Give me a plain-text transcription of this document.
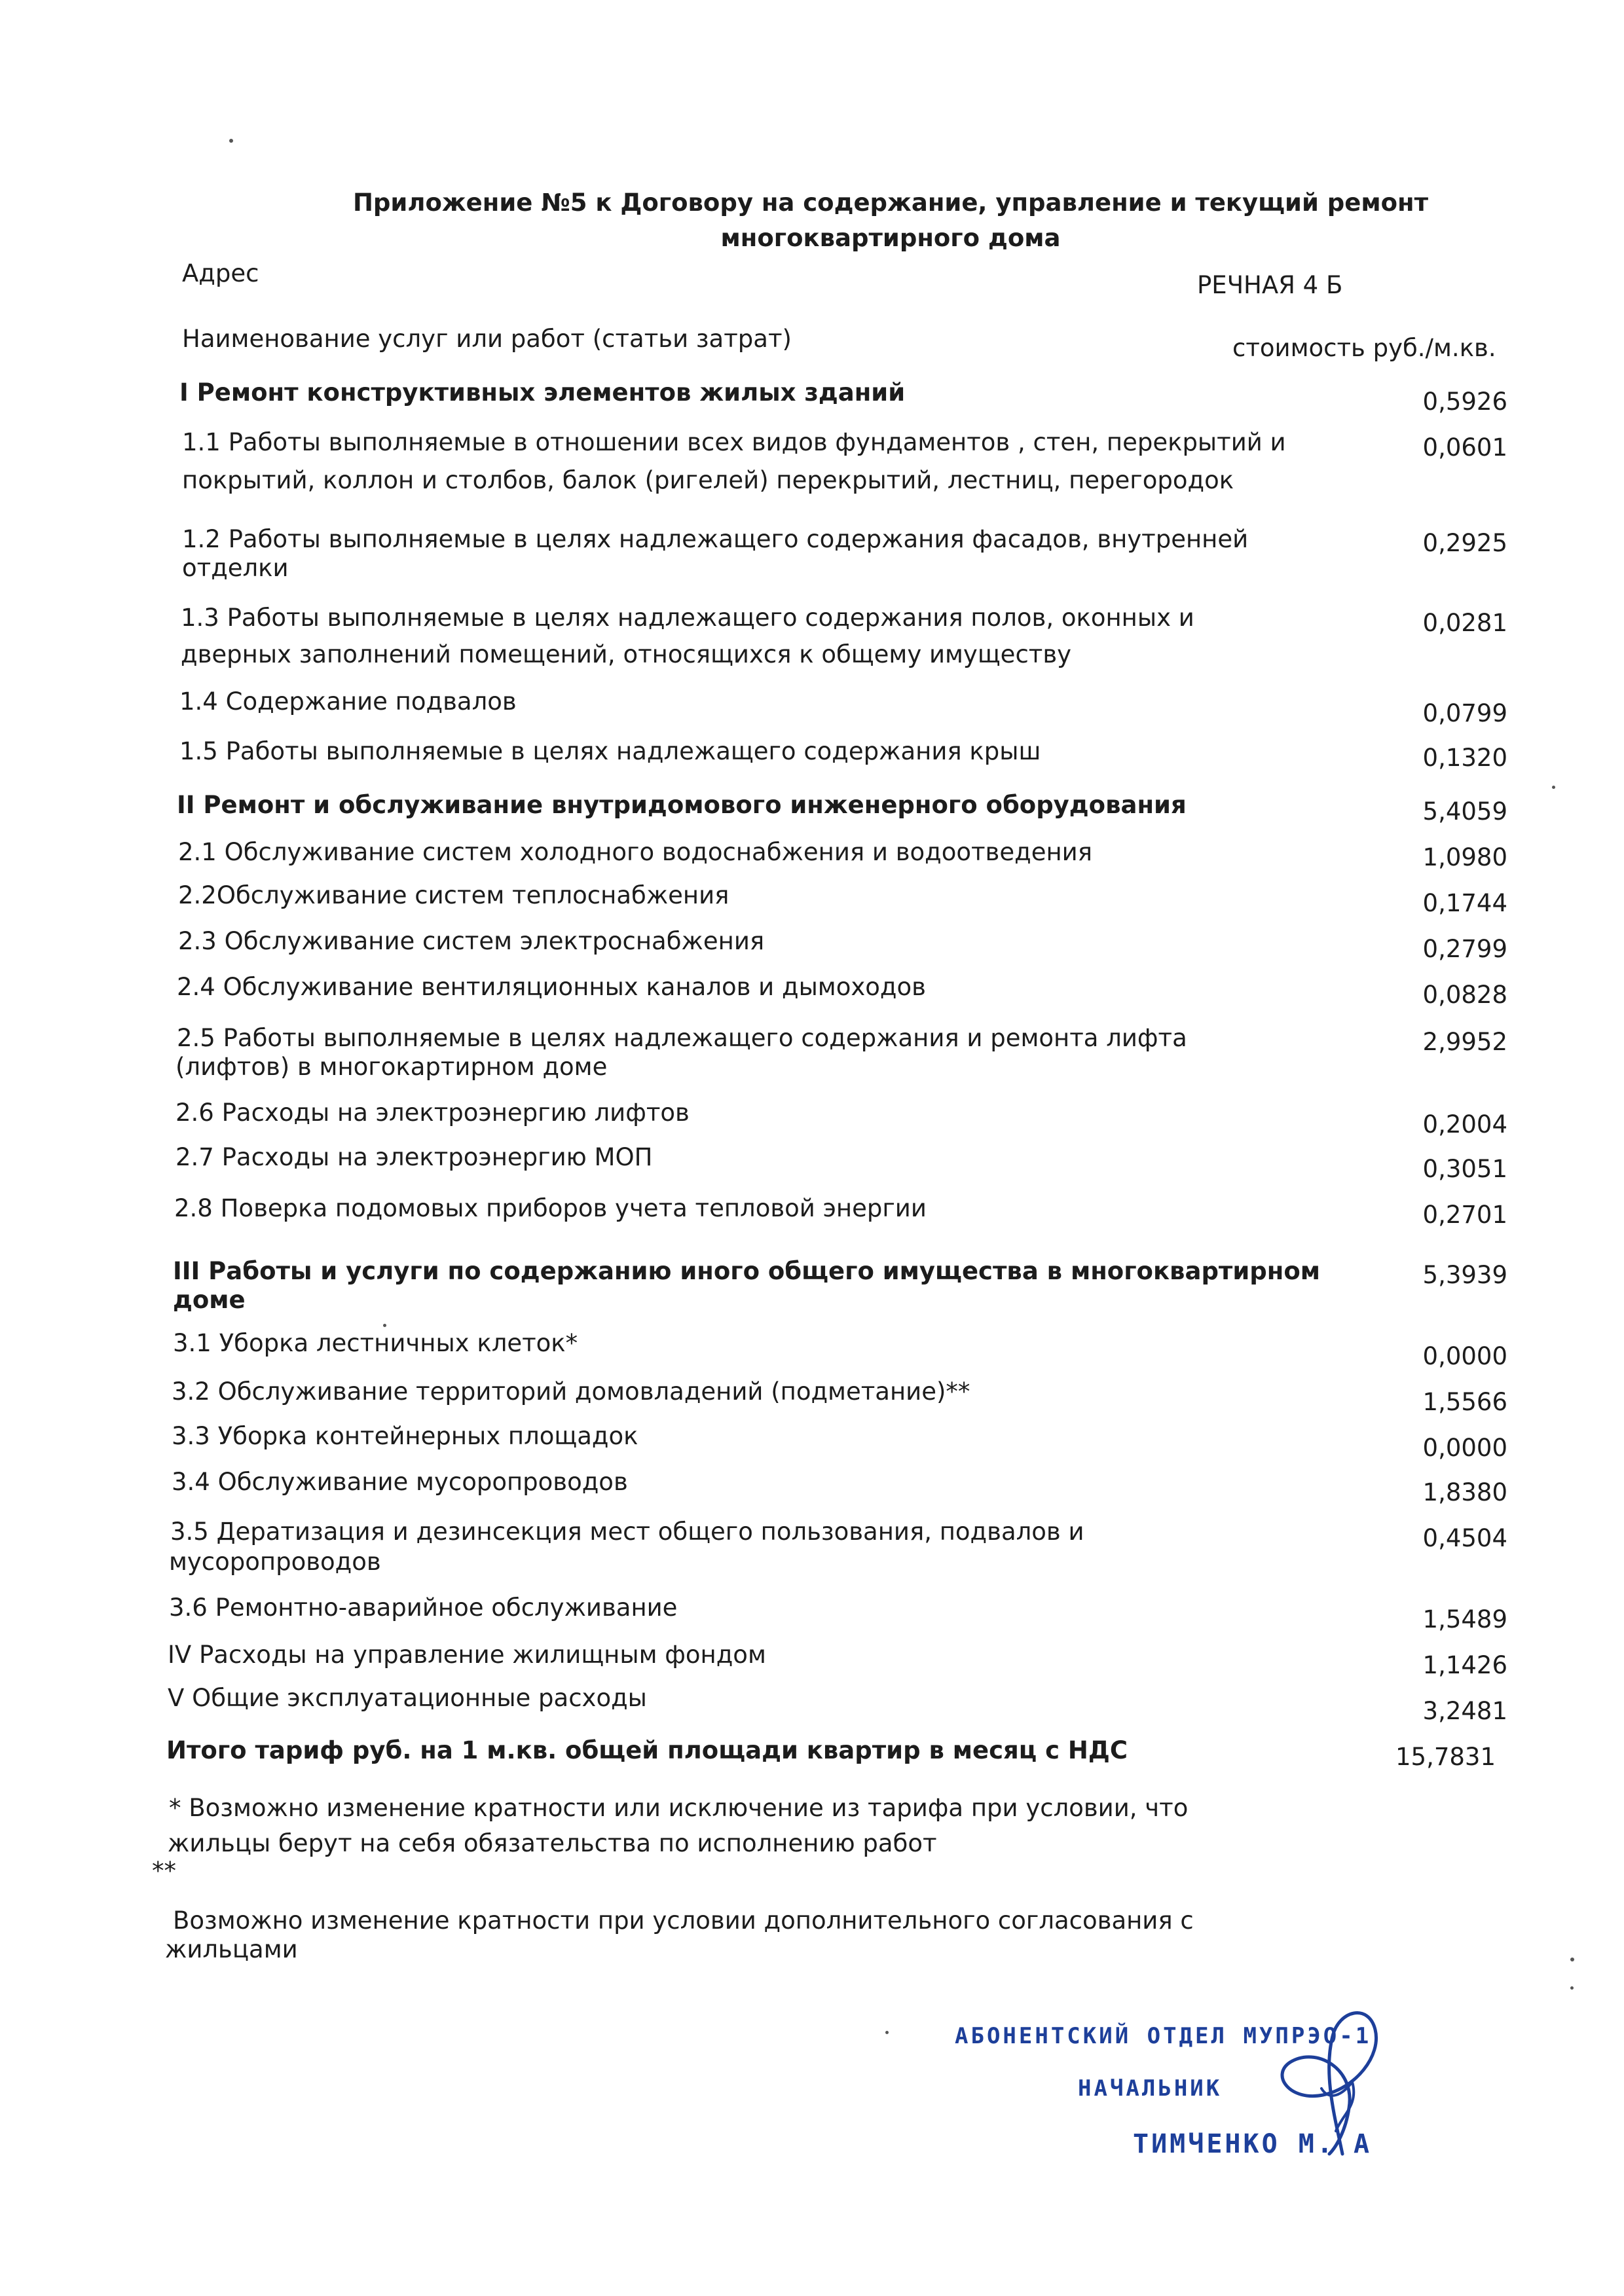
Приложение №5 к Договору на содержание, управление и текущий ремонт
многоквартирного дома
Адрес	РЕЧНАЯ 4 Б
Наименование услуг или работ (статьи затрат)	стоимость руб./м.кв.
I Ремонт конструктивных элементов жилых зданий	0,5926
1.1 Работы выполняемые в отношении всех видов фундаментов , стен, перекрытий и
покрытий, коллон и столбов, балок (ригелей) перекрытий, лестниц, перегородок
0,0601
1.2 Работы выполняемые в целях надлежащего содержания фасадов, внутренней
отделки
0,2925
1.3 Работы выполняемые в целях надлежащего содержания полов, оконных и
дверных заполнений помещений, относящихся к общему имуществу
0,0281
1.4 Содержание подвалов	0,0799
1.5 Работы выполняемые в целях надлежащего содержания крыш	0,1320
II Ремонт и обслуживание внутридомового инженерного оборудования	5,4059
2.1 Обслуживание систем холодного водоснабжения и водоотведения	1,0980
2.2Обслуживание систем теплоснабжения	0,1744
2.3 Обслуживание систем электроснабжения	0,2799
2.4 Обслуживание вентиляционных каналов и дымоходов	0,0828
2.5 Работы выполняемые в целях надлежащего содержания и ремонта лифта
(лифтов) в многокартирном доме
2,9952
2.6 Расходы на электроэнергию лифтов	0,2004
2.7 Расходы на электроэнергию МОП	0,3051
2.8 Поверка подомовых приборов учета тепловой энергии	0,2701
III Работы и услуги по содержанию иного общего имущества в многоквартирном
доме
5,3939
3.1 Уборка лестничных клеток*	0,0000
3.2 Обслуживание территорий домовладений (подметание)**	1,5566
3.3 Уборка контейнерных площадок	0,0000
3.4 Обслуживание мусоропроводов	1,8380
3.5 Дератизация и дезинсекция мест общего пользования, подвалов и
мусоропроводов
0,4504
3.6 Ремонтно-аварийное обслуживание	1,5489
IV Расходы на управление жилищным фондом	1,1426
V Общие эксплуатационные расходы	3,2481
Итого тариф руб. на 1 м.кв. общей площади квартир в месяц с НДС	15,7831
* Возможно изменение кратности или исключение из тарифа при условии, что
жильцы берут на себя обязательства по исполнению работ
**
Возможно изменение кратности при условии дополнительного согласования с
жильцами
АБОНЕНТСКИЙ ОТДЕЛ МУПРЭО-1
НАЧАЛЬНИК
ТИМЧЕНКО М. А
